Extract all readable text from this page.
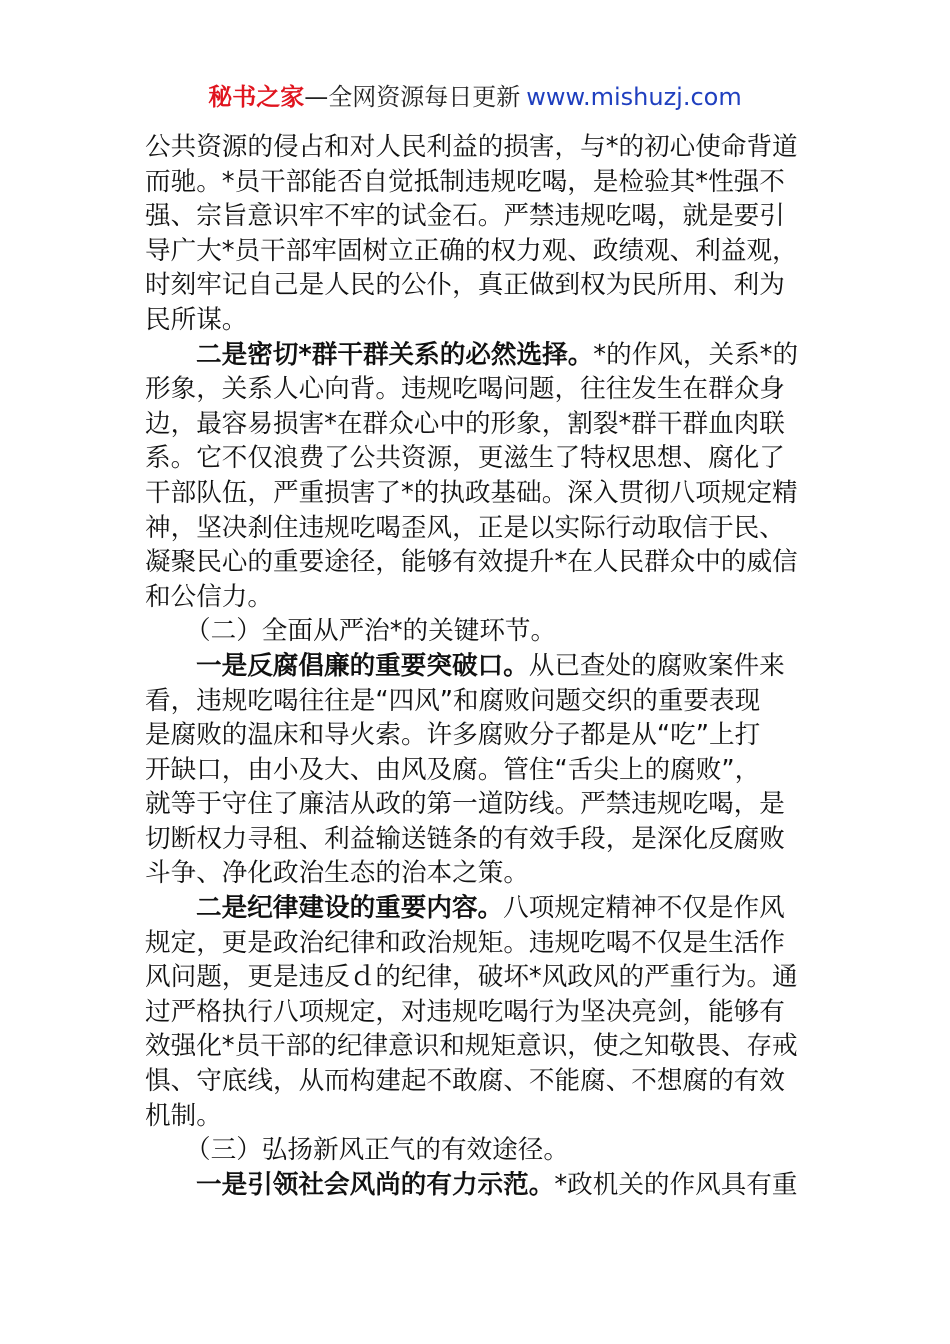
秘书之家—全网资源每日更新 www.mishuzj.com
公共资源的侵占和对人民利益的损害，与*的初心使命背道
而驰。*员干部能否自觉抵制违规吃喝，是检验其*性强不
强、宗旨意识牢不牢的试金石。严禁违规吃喝，就是要引
导广大*员干部牢固树立正确的权力观、政绩观、利益观，
时刻牢记自己是人民的公仆，真正做到权为民所用、利为
民所谋。
二是密切*群干群关系的必然选择。*的作风，关系*的
形象，关系人心向背。违规吃喝问题，往往发生在群众身
边，最容易损害*在群众心中的形象，割裂*群干群血肉联
系。它不仅浪费了公共资源，更滋生了特权思想、腐化了
干部队伍，严重损害了*的执政基础。深入贯彻八项规定精
神，坚决刹住违规吃喝歪风，正是以实际行动取信于民、
凝聚民心的重要途径，能够有效提升*在人民群众中的威信
和公信力。
（二）全面从严治*的关键环节。
一是反腐倡廉的重要突破口。从已查处的腐败案件来
看，违规吃喝往往是“四风”和腐败问题交织的重要表现
是腐败的温床和导火索。许多腐败分子都是从“吃”上打
开缺口，由小及大、由风及腐。管住“舌尖上的腐败”，
就等于守住了廉洁从政的第一道防线。严禁违规吃喝，是
切断权力寻租、利益输送链条的有效手段，是深化反腐败
斗争、净化政治生态的治本之策。
二是纪律建设的重要内容。八项规定精神不仅是作风
规定，更是政治纪律和政治规矩。违规吃喝不仅是生活作
风问题，更是违反ｄ的纪律，破坏*风政风的严重行为。通
过严格执行八项规定，对违规吃喝行为坚决亮剑，能够有
效强化*员干部的纪律意识和规矩意识，使之知敬畏、存戒
惧、守底线，从而构建起不敢腐、不能腐、不想腐的有效
机制。
（三）弘扬新风正气的有效途径。
一是引领社会风尚的有力示范。*政机关的作风具有重
